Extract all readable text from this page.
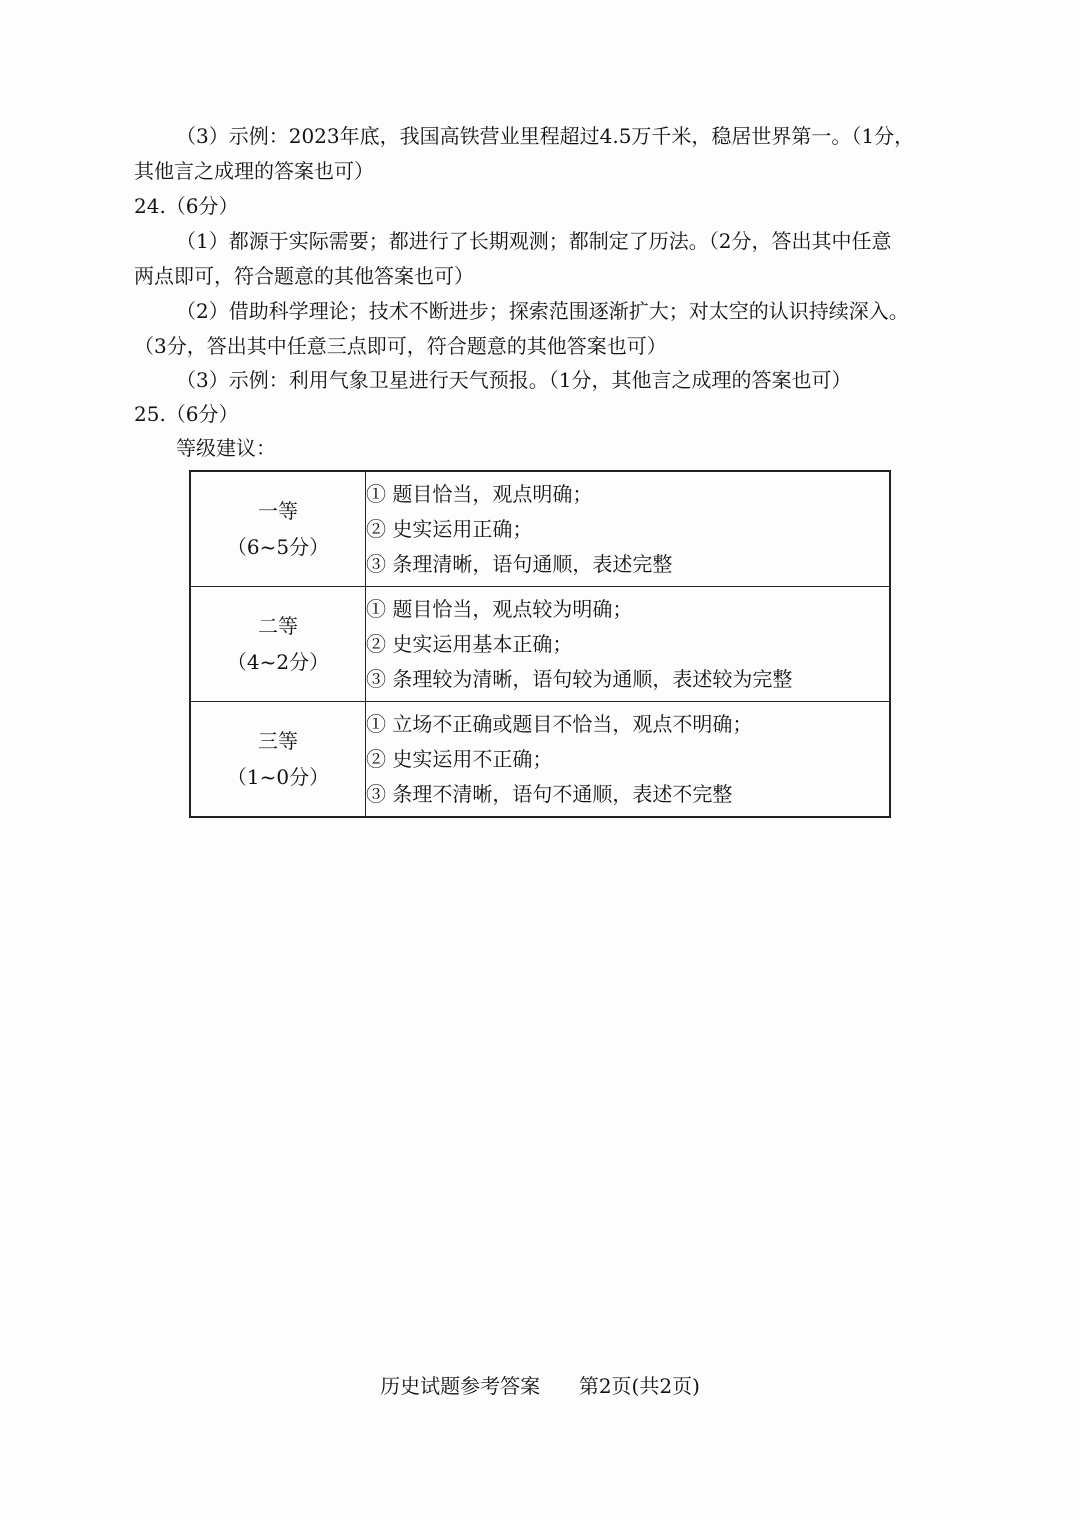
（3）示例：2023年底，我国高铁营业里程超过4.5万千米，稳居世界第一。（1分，
其他言之成理的答案也可）
24.（6分）
（1）都源于实际需要；都进行了长期观测；都制定了历法。（2分，答出其中任意
两点即可，符合题意的其他答案也可）
（2）借助科学理论；技术不断进步；探索范围逐渐扩大；对太空的认识持续深入。
（3分，答出其中任意三点即可，符合题意的其他答案也可）
（3）示例：利用气象卫星进行天气预报。（1分，其他言之成理的答案也可）
25.（6分）
等级建议：
一等
（6~5分）	① 题目恰当，观点明确；
② 史实运用正确；
③ 条理清晰，语句通顺，表述完整

二等
（4~2分）	① 题目恰当，观点较为明确；
② 史实运用基本正确；
③ 条理较为清晰，语句较为通顺，表述较为完整

三等
（1~0分）	① 立场不正确或题目不恰当，观点不明确；
② 史实运用不正确；
③ 条理不清晰，语句不通顺，表述不完整
历史试题参考答案 第2页(共2页)
